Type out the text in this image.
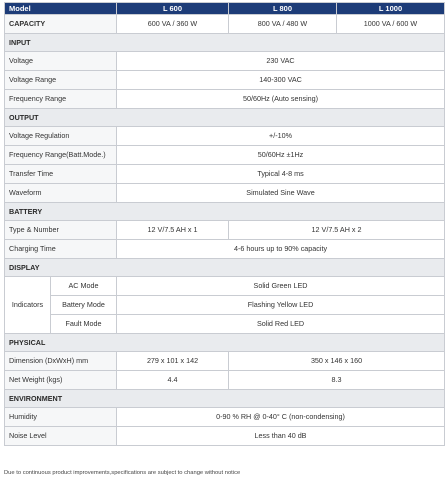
Model		L 600	L 800	L 1000
CAPACITY		600 VA / 360 W	800 VA / 480 W	1000 VA / 600 W
INPUT				
Voltage		230 VAC		
Voltage Range		140-300 VAC		
Frequency Range		50/60Hz (Auto sensing)		
OUTPUT				
Voltage Regulation		+/-10%		
Frequency Range(Batt.Mode.)		50/60Hz ±1Hz		
Transfer Time		Typical 4-8 ms		
Waveform		Simulated Sine Wave		
BATTERY				
Type & Number		12 V/7.5 AH x 1	12 V/7.5 AH x 2	
Charging Time		4-6 hours up to 90% capacity		
DISPLAY				
Indicators	AC Mode	Solid Green LED		
	Battery Mode	Flashing Yellow LED		
	Fault Mode	Solid Red LED		
PHYSICAL				
Dimension (DxWxH) mm		279 x 101 x 142	350 x 146 x 160	
Net Weight (kgs)		4.4	8.3	
ENVIRONMENT				
Humidity		0-90 % RH @ 0-40° C (non-condensing)		
Noise Level		Less than 40 dB		
Due to continuous product improvements,specifications are subject to change without notice
